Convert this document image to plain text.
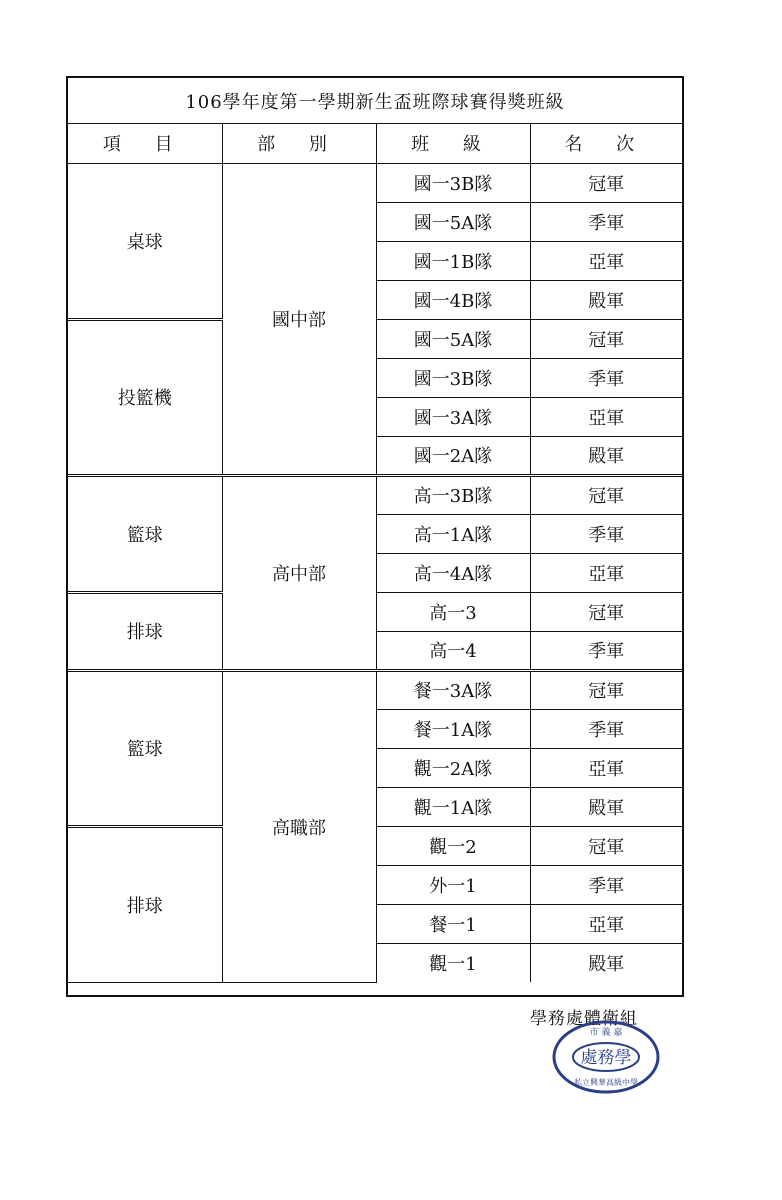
106學年度第一學期新生盃班際球賽得獎班級
項 目	部 別	班 級	名 次
桌球	國中部	國一3B隊	冠軍
		國一5A隊	季軍
		國一1B隊	亞軍
		國一4B隊	殿軍
投籃機		國一5A隊	冠軍
		國一3B隊	季軍
		國一3A隊	亞軍
		國一2A隊	殿軍
籃球	高中部	高一3B隊	冠軍
		高一1A隊	季軍
		高一4A隊	亞軍
排球		高一3	冠軍
		高一4	季軍
籃球	高職部	餐一3A隊	冠軍
		餐一1A隊	季軍
		觀一2A隊	亞軍
		觀一1A隊	殿軍
排球		觀一2	冠軍
		外一1	季軍
		餐一1	亞軍
		觀一1	殿軍
學務處體衛組
處務學
市 義 嘉
私立興華高級中學
